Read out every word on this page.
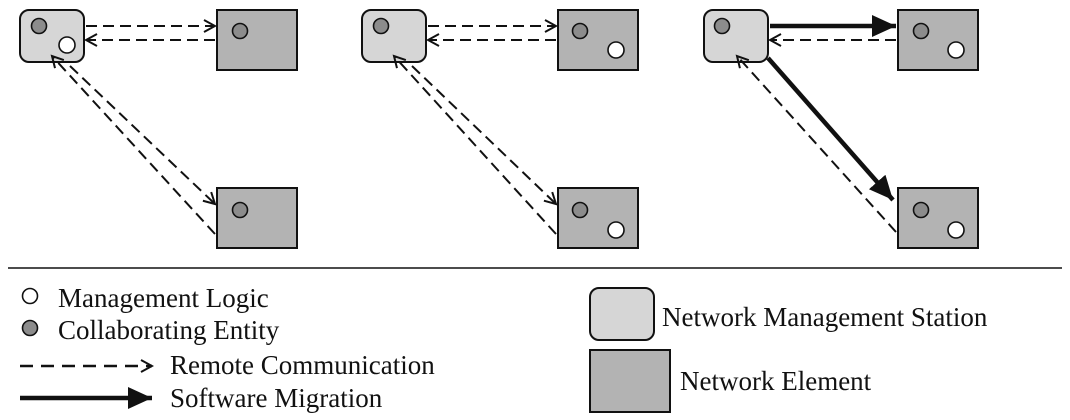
Management Logic
Collaborating Entity
Remote Communication
Software Migration
Network Management Station
Network Element
